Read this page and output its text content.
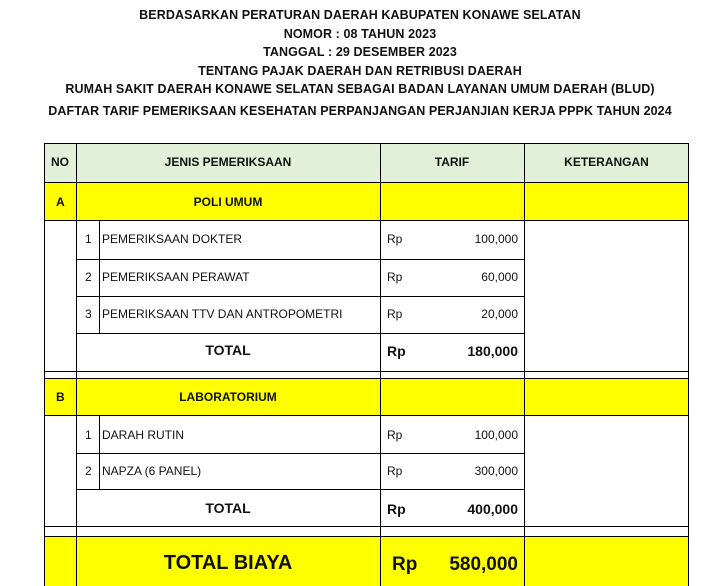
BERDASARKAN PERATURAN DAERAH KABUPATEN KONAWE SELATAN
NOMOR : 08 TAHUN 2023
TANGGAL : 29 DESEMBER 2023
TENTANG PAJAK DAERAH DAN RETRIBUSI DAERAH
RUMAH SAKIT DAERAH KONAWE SELATAN SEBAGAI BADAN LAYANAN UMUM DAERAH (BLUD)
DAFTAR TARIF PEMERIKSAAN KESEHATAN PERPANJANGAN PERJANJIAN KERJA PPPK TAHUN 2024
NO	JENIS PEMERIKSAAN	TARIF	KETERANGAN
A	POLI UMUM
1 PEMERIKSAAN DOKTER	Rp	100,000
2 PEMERIKSAAN PERAWAT	Rp	60,000
3 PEMERIKSAAN TTV DAN ANTROPOMETRI	Rp	20,000
TOTAL	Rp	180,000
B	LABORATORIUM
1 DARAH RUTIN	Rp	100,000
2 NAPZA (6 PANEL)	Rp	300,000
TOTAL	Rp	400,000
TOTAL BIAYA	Rp	580,000
